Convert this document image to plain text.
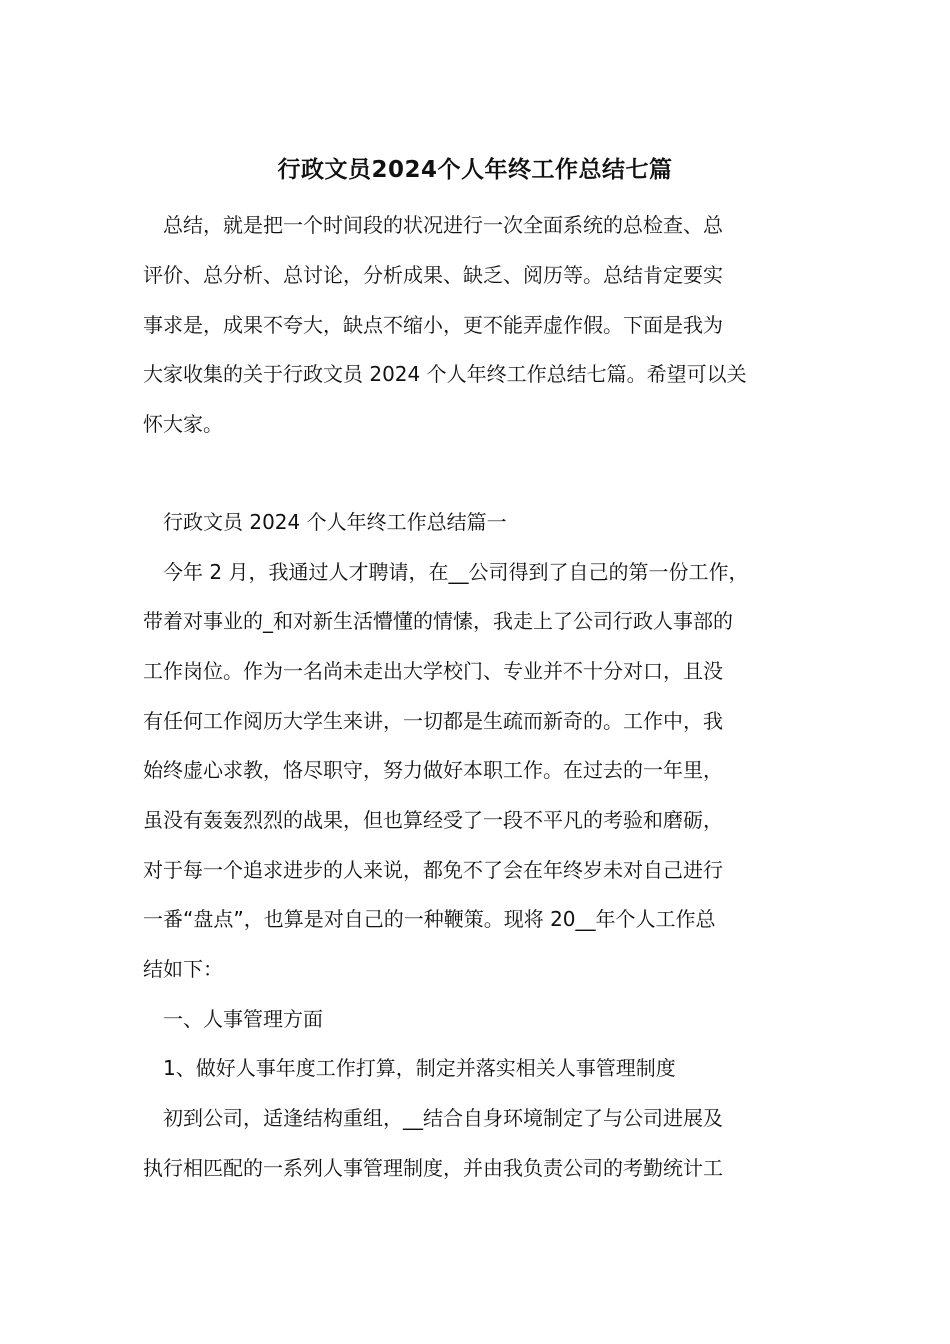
行政文员2024个人年终工作总结七篇
　总结，就是把一个时间段的状况进行一次全面系统的总检查、总
评价、总分析、总讨论，分析成果、缺乏、阅历等。总结肯定要实
事求是，成果不夸大，缺点不缩小，更不能弄虚作假。下面是我为
大家收集的关于行政文员 2024 个人年终工作总结七篇。希望可以关
怀大家。
　行政文员 2024 个人年终工作总结篇一
　今年 2 月，我通过人才聘请，在__公司得到了自己的第一份工作，
带着对事业的_和对新生活懵懂的情愫，我走上了公司行政人事部的
工作岗位。作为一名尚未走出大学校门、专业并不十分对口，且没
有任何工作阅历大学生来讲，一切都是生疏而新奇的。工作中，我
始终虚心求教，恪尽职守，努力做好本职工作。在过去的一年里，
虽没有轰轰烈烈的战果，但也算经受了一段不平凡的考验和磨砺，
对于每一个追求进步的人来说，都免不了会在年终岁未对自己进行
一番“盘点”，也算是对自己的一种鞭策。现将 20__年个人工作总
结如下：
　一、人事管理方面
　1、做好人事年度工作打算，制定并落实相关人事管理制度
　初到公司，适逢结构重组，__结合自身环境制定了与公司进展及
执行相匹配的一系列人事管理制度，并由我负责公司的考勤统计工
